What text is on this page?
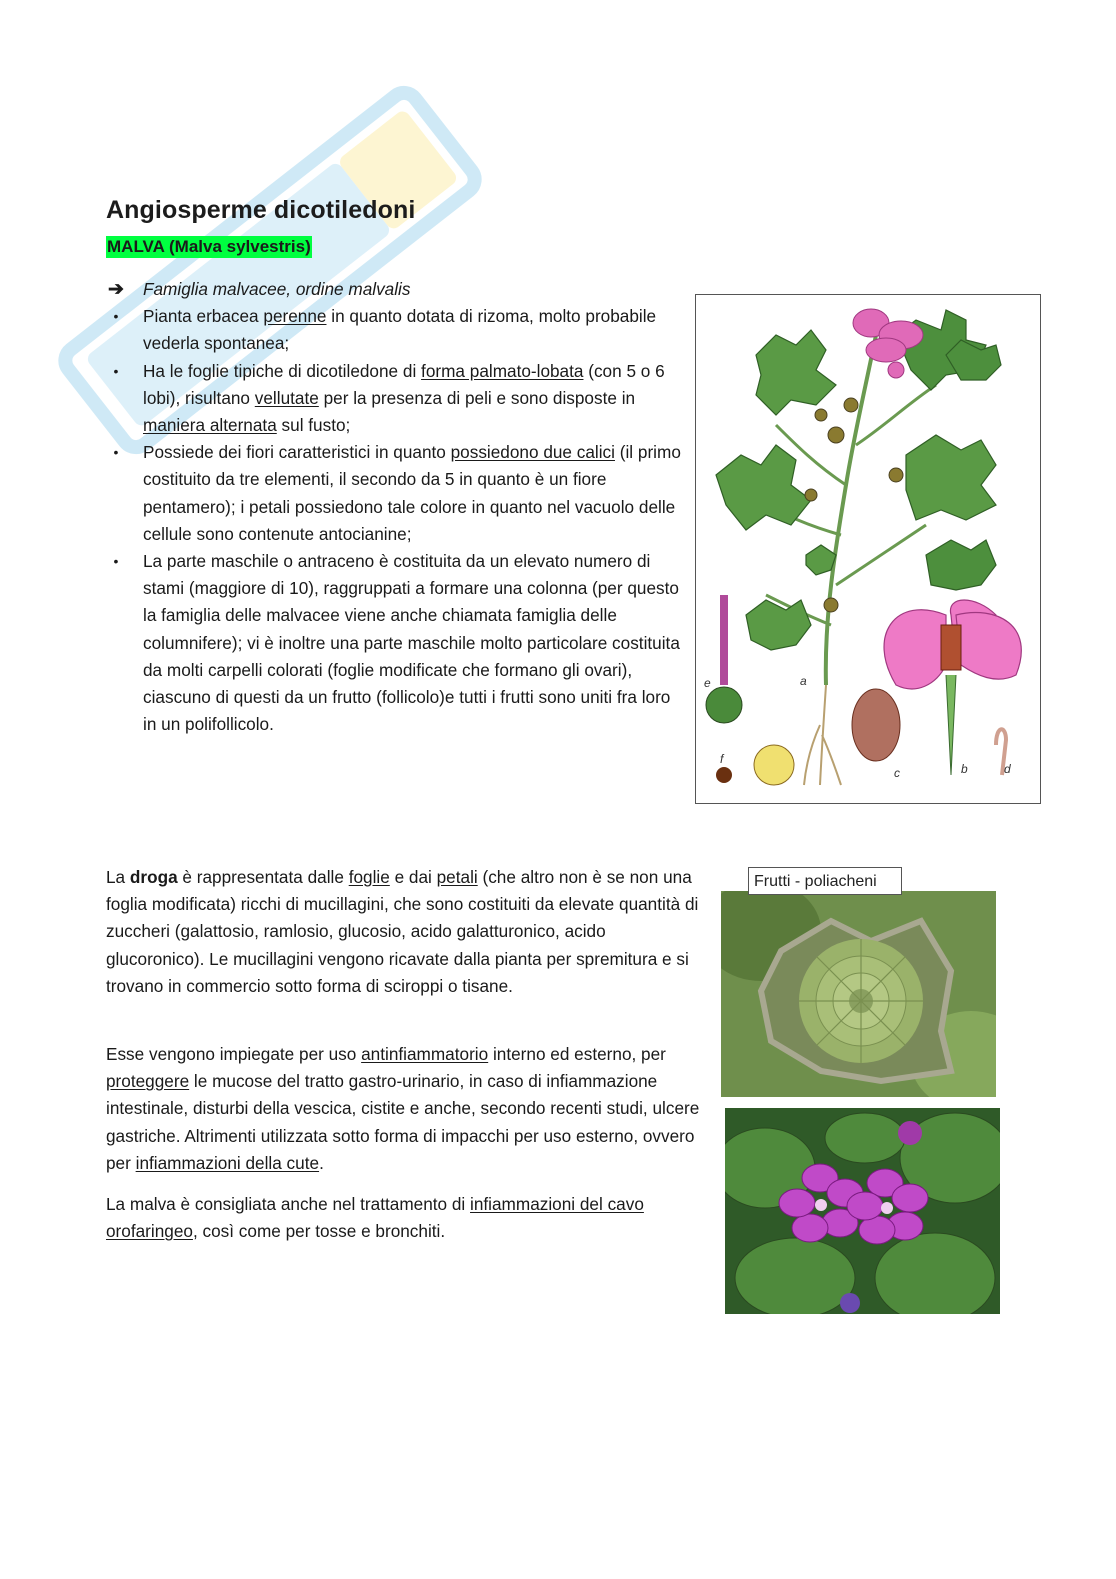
Angiosperme dicotiledoni
MALVA (Malva sylvestris)
➔ Famiglia malvacee, ordine malvalis
•	Pianta erbacea perenne in quanto dotata di rizoma, molto probabile vederla spontanea;
•	Ha le foglie tipiche di dicotiledone di forma palmato-lobata (con 5 o 6 lobi), risultano vellutate per la presenza di peli e sono disposte in maniera alternata sul fusto;
•	Possiede dei fiori caratteristici in quanto possiedono due calici (il primo costituito da tre elementi, il secondo da 5 in quanto è un fiore pentamero); i petali possiedono tale colore in quanto nel vacuolo delle cellule sono contenute antocianine;
•	La parte maschile o antraceno è costituita da un elevato numero di stami (maggiore di 10), raggruppati a formare una colonna (per questo la famiglia delle malvacee viene anche chiamata famiglia delle columnifere); vi è inoltre una parte maschile molto particolare costituita da molti carpelli colorati (foglie modificate che formano gli ovari), ciascuno di questi da un frutto (follicolo)e tutti i frutti sono uniti fra loro in un polifollicolo.
La droga è rappresentata dalle foglie e dai petali (che altro non è se non una foglia modificata) ricchi di mucillagini, che sono costituiti da elevate quantità di zuccheri (galattosio, ramlosio, glucosio, acido galatturonico, acido glucoronico). Le mucillagini vengono ricavate dalla pianta per spremitura e si trovano in commercio sotto forma di sciroppi o tisane.
Esse vengono impiegate per uso antinfiammatorio interno ed esterno, per proteggere le mucose del tratto gastro-urinario, in caso di infiammazione intestinale, disturbi della vescica, cistite e anche, secondo recenti studi, ulcere gastriche. Altrimenti utilizzata sotto forma di impacchi per uso esterno, ovvero per infiammazioni della cute.
La malva è consigliata anche nel trattamento di infiammazioni del cavo orofaringeo, così come per tosse e bronchiti.
a
b
c	d
e
f
Frutti - poliacheni
